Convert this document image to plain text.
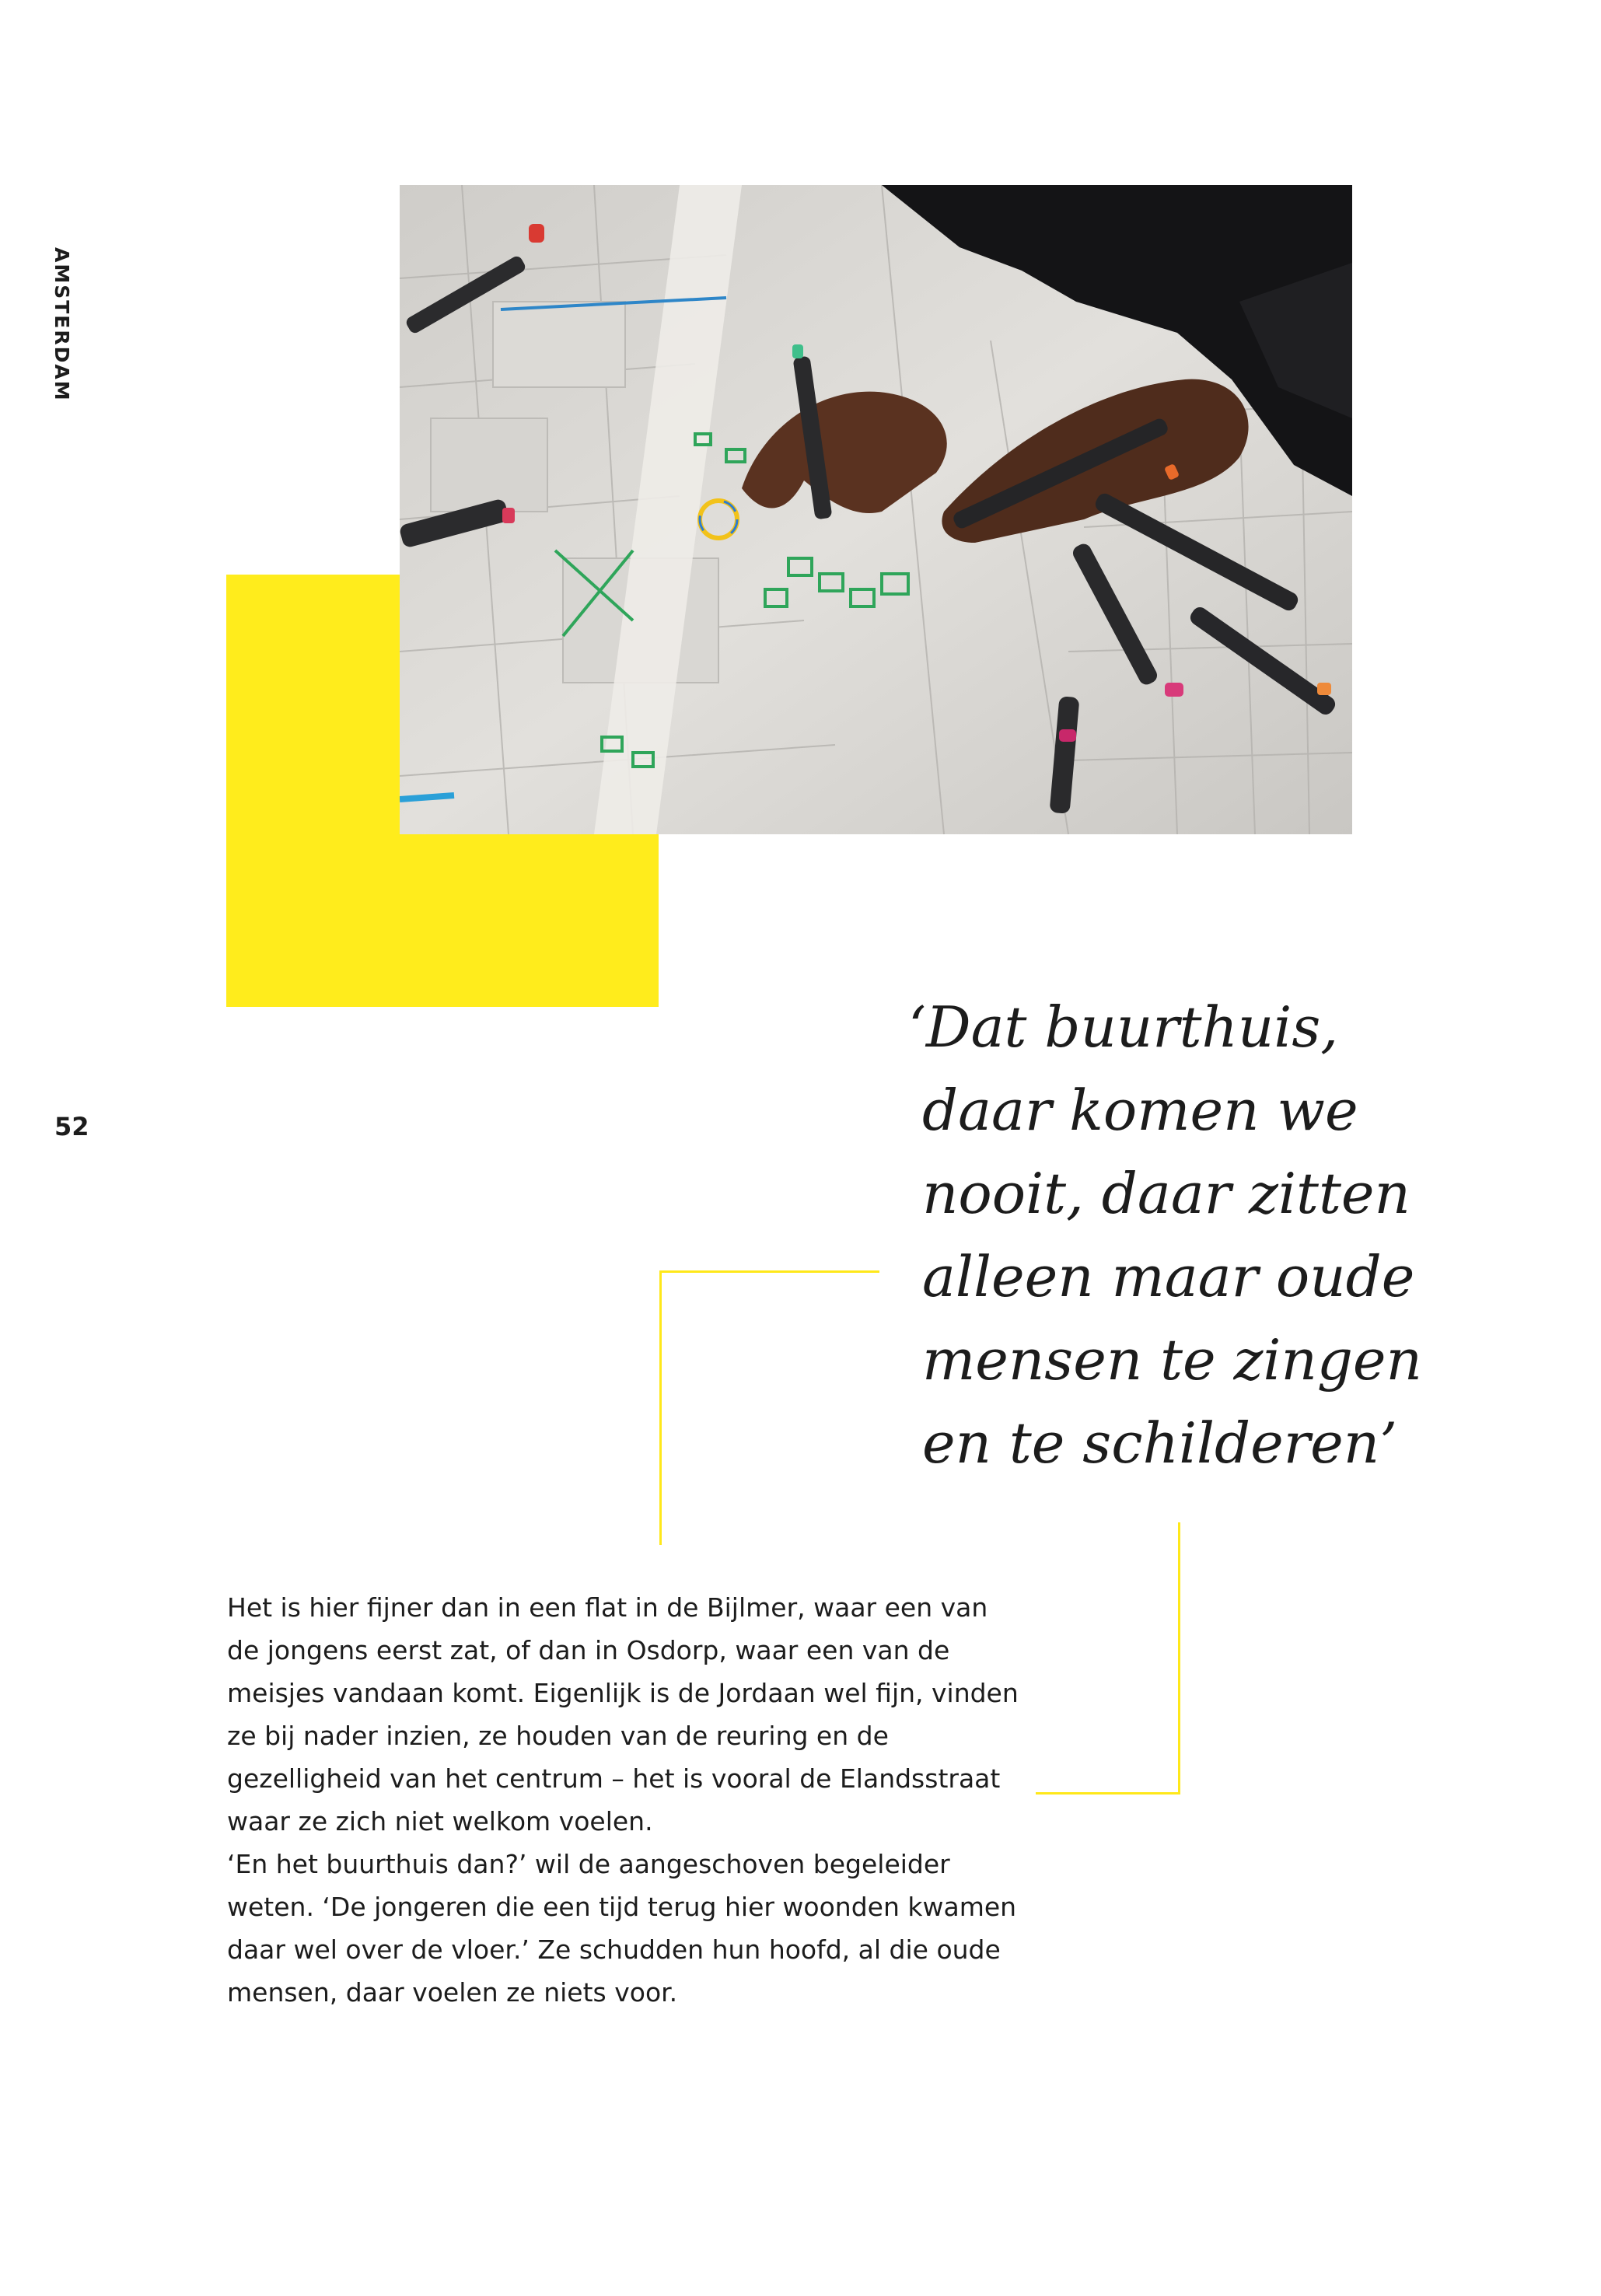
AMSTERDAM
52
‘Dat buurthuis,
daar komen we
nooit, daar zitten
alleen maar oude
mensen te zingen
en te schilderen’

Het is hier fijner dan in een flat in de Bijlmer, waar een van de jongens eerst zat, of dan in Osdorp, waar een van de meisjes vandaan komt. Eigenlijk is de Jordaan wel fijn, vinden ze bij nader inzien, ze houden van de reuring en de gezelligheid van het centrum – het is vooral de Elandsstraat waar ze zich niet welkom voelen.

‘En het buurthuis dan?’ wil de aangeschoven begeleider weten. ‘De jongeren die een tijd terug hier woonden kwamen daar wel over de vloer.’ Ze schudden hun hoofd, al die oude mensen, daar voelen ze niets voor.
